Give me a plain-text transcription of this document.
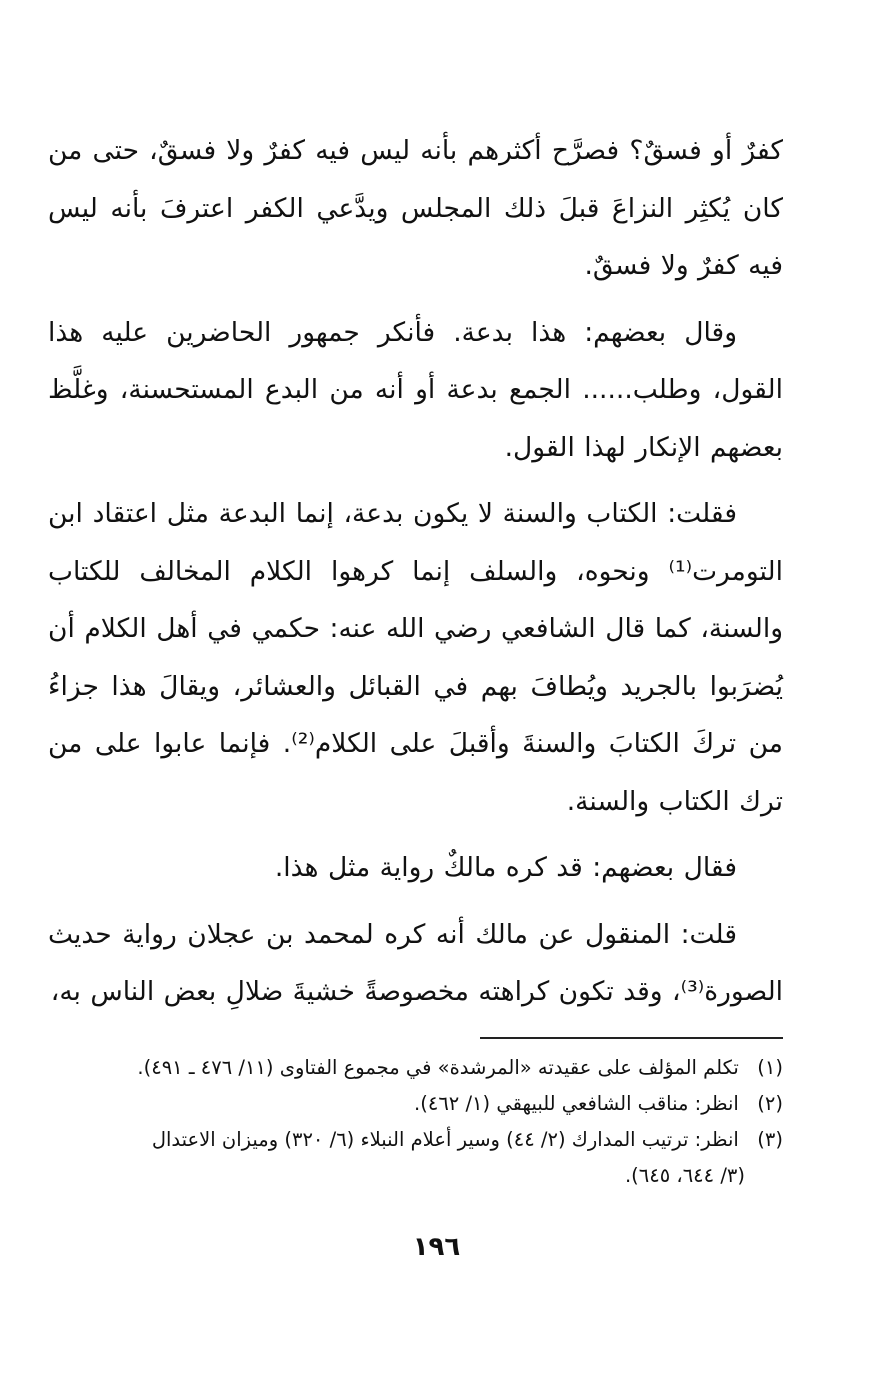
كفرٌ أو فسقٌ؟ فصرَّح أكثرهم بأنه ليس فيه كفرٌ ولا فسقٌ، حتى من كان يُكثِر النزاعَ قبلَ ذلك المجلس ويدَّعي الكفر اعترفَ بأنه ليس فيه كفرٌ ولا فسقٌ.

وقال بعضهم: هذا بدعة. فأنكر جمهور الحاضرين عليه هذا القول، وطلب...... الجمع بدعة أو أنه من البدع المستحسنة، وغلَّظ بعضهم الإنكار لهذا القول.

فقلت: الكتاب والسنة لا يكون بدعة، إنما البدعة مثل اعتقاد ابن التومرت⁽¹⁾ ونحوه، والسلف إنما كرهوا الكلام المخالف للكتاب والسنة، كما قال الشافعي رضي الله عنه: حكمي في أهل الكلام أن يُضرَبوا بالجريد ويُطافَ بهم في القبائل والعشائر، ويقالَ هذا جزاءُ من تركَ الكتابَ والسنةَ وأقبلَ على الكلام⁽²⁾. فإنما عابوا على من ترك الكتاب والسنة.

فقال بعضهم: قد كره مالكٌ رواية مثل هذا.

قلت: المنقول عن مالك أنه كره لمحمد بن عجلان رواية حديث الصورة⁽³⁾، وقد تكون كراهته مخصوصةً خشيةَ ضلالِ بعض الناس به،

(١) تكلم المؤلف على عقيدته «المرشدة» في مجموع الفتاوى (١١/ ٤٧٦ ـ ٤٩١).

(٢) انظر: مناقب الشافعي للبيهقي (١/ ٤٦٢).

(٣) انظر: ترتيب المدارك (٢/ ٤٤) وسير أعلام النبلاء (٦/ ٣٢٠) وميزان الاعتدال

(٣/ ٦٤٤، ٦٤٥).

١٩٦
